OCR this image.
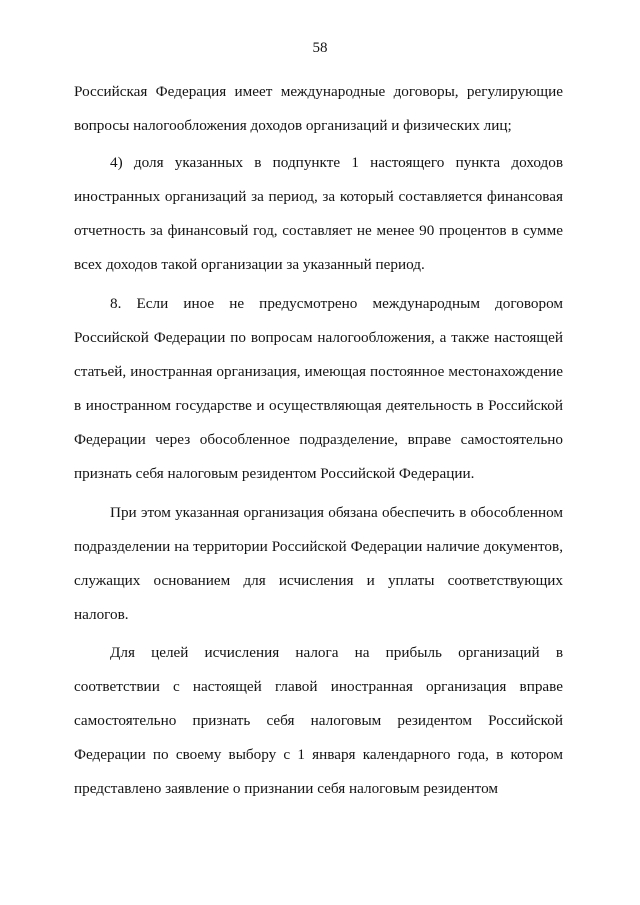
58

Российская Федерация имеет международные договоры, регулирующие вопросы налогообложения доходов организаций и физических лиц;

4) доля указанных в подпункте 1 настоящего пункта доходов иностранных организаций за период, за который составляется финансовая отчетность за финансовый год, составляет не менее 90 процентов в сумме всех доходов такой организации за указанный период.

8. Если иное не предусмотрено международным договором Российской Федерации по вопросам налогообложения, а также настоящей статьей, иностранная организация, имеющая постоянное местонахождение в иностранном государстве и осуществляющая деятельность в Российской Федерации через обособленное подразделение, вправе самостоятельно признать себя налоговым резидентом Российской Федерации.

При этом указанная организация обязана обеспечить в обособленном подразделении на территории Российской Федерации наличие документов, служащих основанием для исчисления и уплаты соответствующих налогов.

Для целей исчисления налога на прибыль организаций в соответствии с настоящей главой иностранная организация вправе самостоятельно признать себя налоговым резидентом Российской Федерации по своему выбору с 1 января календарного года, в котором представлено заявление о признании себя налоговым резидентом
